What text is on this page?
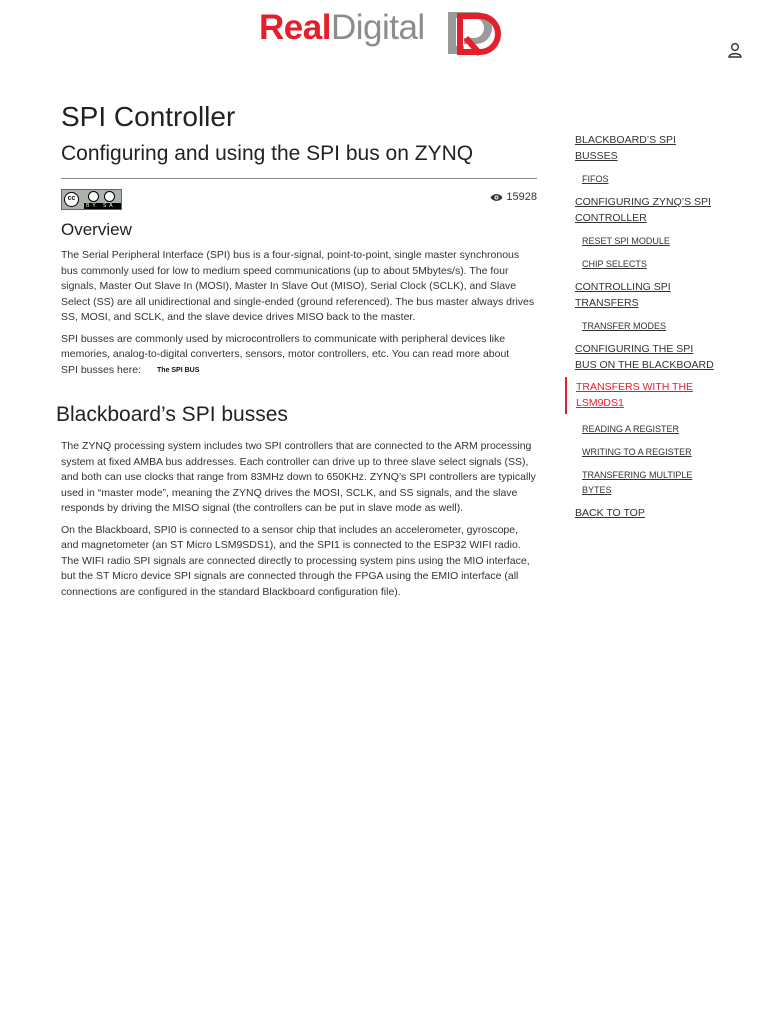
RealDigital
SPI Controller
Configuring and using the SPI bus on ZYNQ
cc
BY SA
15928
Overview

The Serial Peripheral Interface (SPI) bus is a four-signal, point-to-point, single master synchronous bus commonly used for low to medium speed communications (up to about 5Mbytes/s). The four signals, Master Out Slave In (MOSI), Master In Slave Out (MISO), Serial Clock (SCLK), and Slave Select (SS) are all unidirectional and single-ended (ground referenced). The bus master always drives SS, MOSI, and SCLK, and the slave device drives MISO back to the master.

SPI busses are commonly used by microcontrollers to communicate with peripheral devices like memories, analog-to-digital converters, sensors, motor controllers, etc. You can read more about
SPI busses here: The SPI BUS

Blackboard’s SPI busses

The ZYNQ processing system includes two SPI controllers that are connected to the ARM processing system at fixed AMBA bus addresses. Each controller can drive up to three slave select signals (SS), and both can use clocks that range from 83MHz down to 650KHz. ZYNQ’s SPI controllers are typically used in “master mode”, meaning the ZYNQ drives the MOSI, SCLK, and SS signals, and the slave responds by driving the MISO signal (the controllers can be put in slave mode as well).

On the Blackboard, SPI0 is connected to a sensor chip that includes an accelerometer, gyroscope, and magnetometer (an ST Micro LSM9SDS1), and the SPI1 is connected to the ESP32 WIFI radio. The WIFI radio SPI signals are connected directly to processing system pins using the MIO interface, but the ST Micro device SPI signals are connected through the FPGA using the EMIO interface (all connections are configured in the standard Blackboard configuration file).

BLACKBOARD’S SPI BUSSES
FIFOS
CONFIGURING ZYNQ’S SPI CONTROLLER
RESET SPI MODULE
CHIP SELECTS
CONTROLLING SPI TRANSFERS
TRANSFER MODES
CONFIGURING THE SPI BUS ON THE BLACKBOARD
TRANSFERS WITH THE LSM9DS1
READING A REGISTER
WRITING TO A REGISTER
TRANSFERING MULTIPLE BYTES
BACK TO TOP
